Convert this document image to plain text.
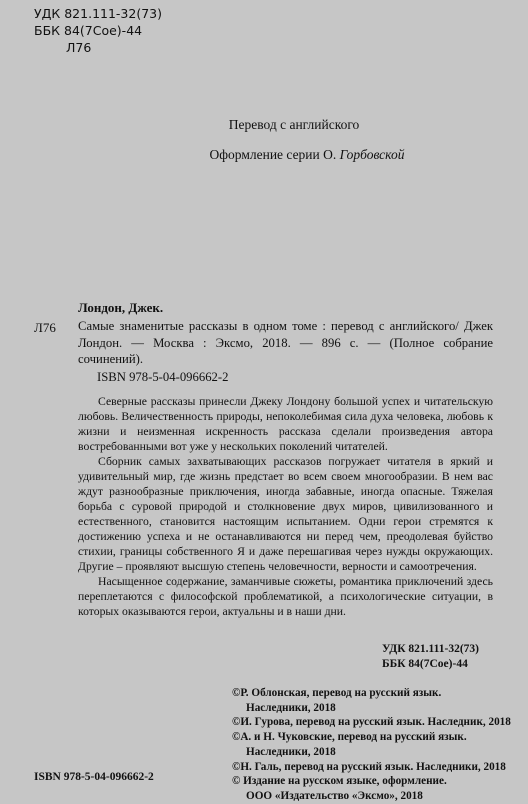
УДК 821.111-32(73)
ББК 84(7Сое)-44
Л76
Перевод с английского
Оформление серии О. Горбовской
Лондон, Джек.
Л76 Самые знаменитые рассказы в одном томе : перевод с английского/ Джек Лондон. — Москва : Эксмо, 2018. — 896 с. — (Полное собрание сочинений).
ISBN 978-5-04-096662-2

Северные рассказы принесли Джеку Лондону большой успех и читательскую любовь. Величественность природы, непоколебимая сила духа человека, любовь к жизни и неизменная искренность рассказа сделали произведения автора востребованными вот уже у нескольких поколений читателей.

Сборник самых захватывающих рассказов погружает читателя в яркий и удивительный мир, где жизнь предстает во всем своем многообразии. В нем вас ждут разнообразные приключения, иногда забавные, иногда опасные. Тяжелая борьба с суровой природой и столкновение двух миров, цивилизованного и естественного, становится настоящим испытанием. Одни герои стремятся к достижению успеха и не останавливаются ни перед чем, преодолевая буйство стихии, границы собственного Я и даже перешагивая через нужды окружающих. Другие – проявляют высшую степень человечности, верности и самоотречения.

Насыщенное содержание, заманчивые сюжеты, романтика приключений здесь переплетаются с философской проблематикой, а психологические ситуации, в которых оказываются герои, актуальны и в наши дни.

УДК 821.111-32(73)
ББК 84(7Сое)-44
©Р. Облонская, перевод на русский язык.
Наследники, 2018
©И. Гурова, перевод на русский язык. Наследник, 2018
©А. и Н. Чуковские, перевод на русский язык.
Наследники, 2018
©Н. Галь, перевод на русский язык. Наследники, 2018
© Издание на русском языке, оформление.
ООО «Издательство «Эксмо», 2018
ISBN 978-5-04-096662-2
